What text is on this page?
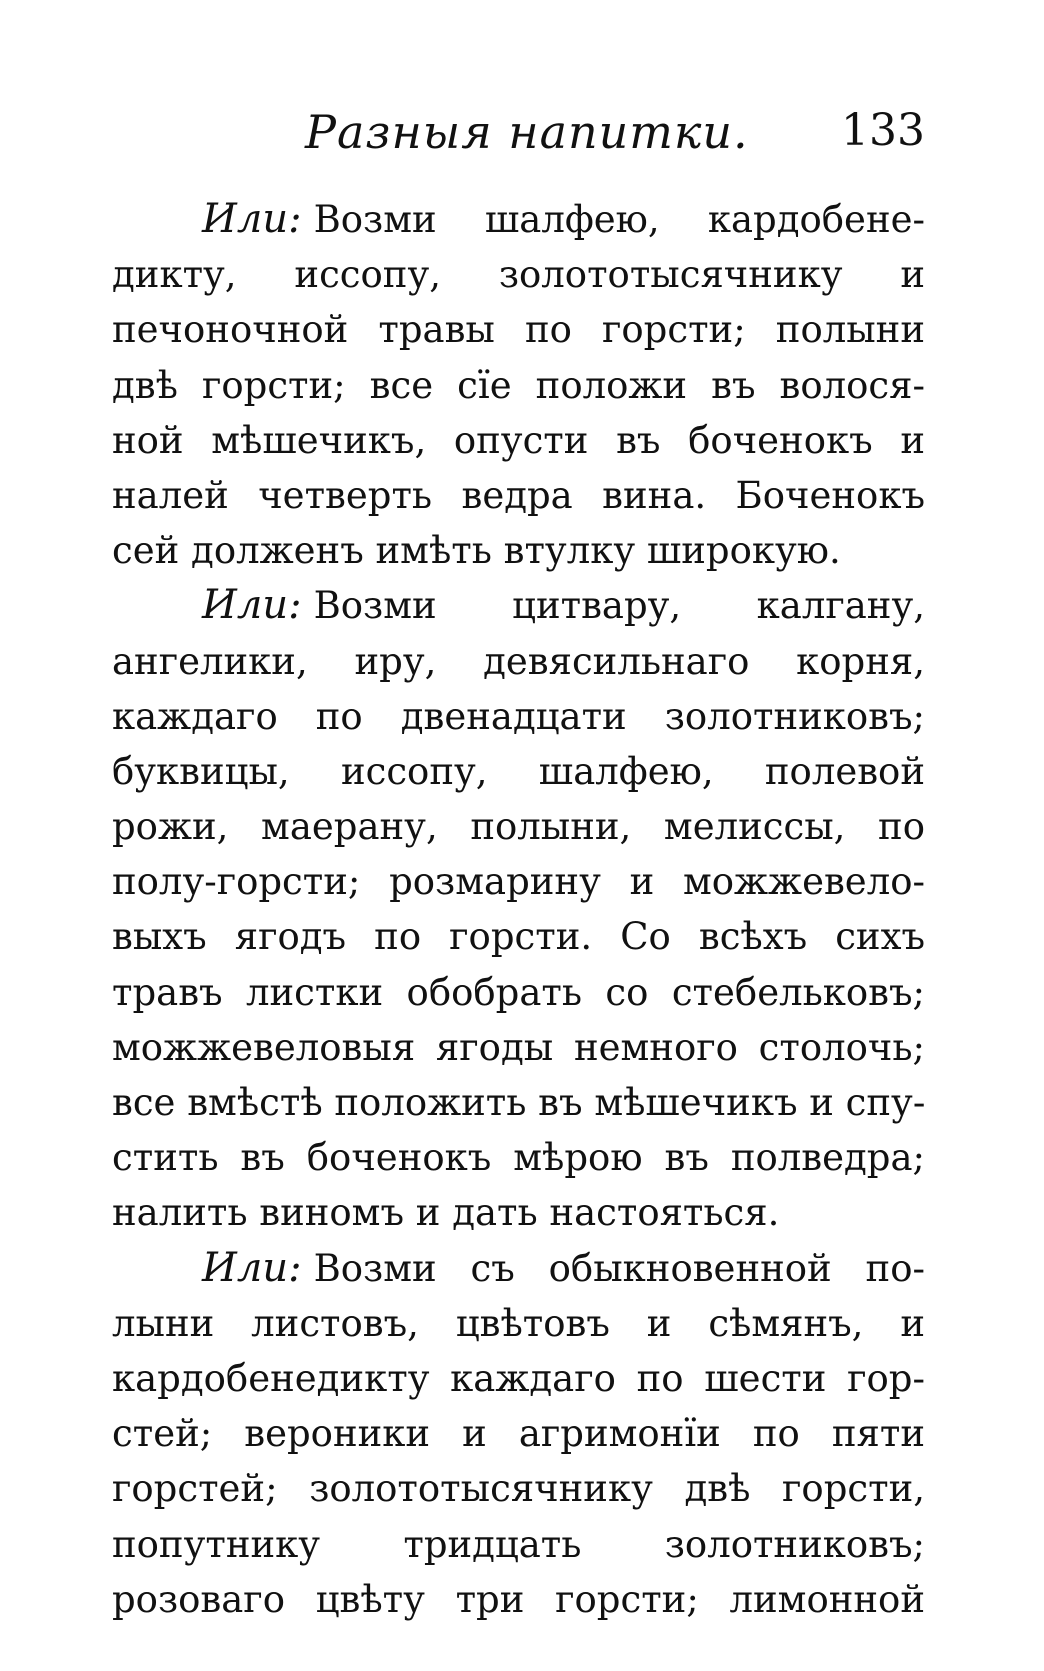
Разныя напитки. 133
Или: Возми шалфею, кардобене-
дикту, иссопу, золототысячнику и
печоночной травы по горсти; полыни
двѣ горсти; все сїе положи въ волося-
ной мѣшечикъ, опусти въ боченокъ и
налей четверть ведра вина. Боченокъ
сей долженъ имѣть втулку широкую.
Или: Возми цитвару, калгану,
ангелики, иру, девясильнаго корня,
каждаго по двенадцати золотниковъ;
буквицы, иссопу, шалфею, полевой
рожи, маерану, полыни, мелиссы, по
полу-горсти; розмарину и можжевело-
выхъ ягодъ по горсти. Со всѣхъ сихъ
травъ листки обобрать со стебельковъ;
можжевеловыя ягоды немного столочь;
все вмѣстѣ положить въ мѣшечикъ и спу-
стить въ боченокъ мѣрою въ полведра;
налить виномъ и дать настояться.
Или: Возми съ обыкновенной по-
лыни листовъ, цвѣтовъ и сѣмянъ, и
кардобенедикту каждаго по шести гор-
стей; вероники и агримонїи по пяти
горстей; золототысячнику двѣ горсти,
попутнику тридцать золотниковъ;
розоваго цвѣту три горсти; лимонной
